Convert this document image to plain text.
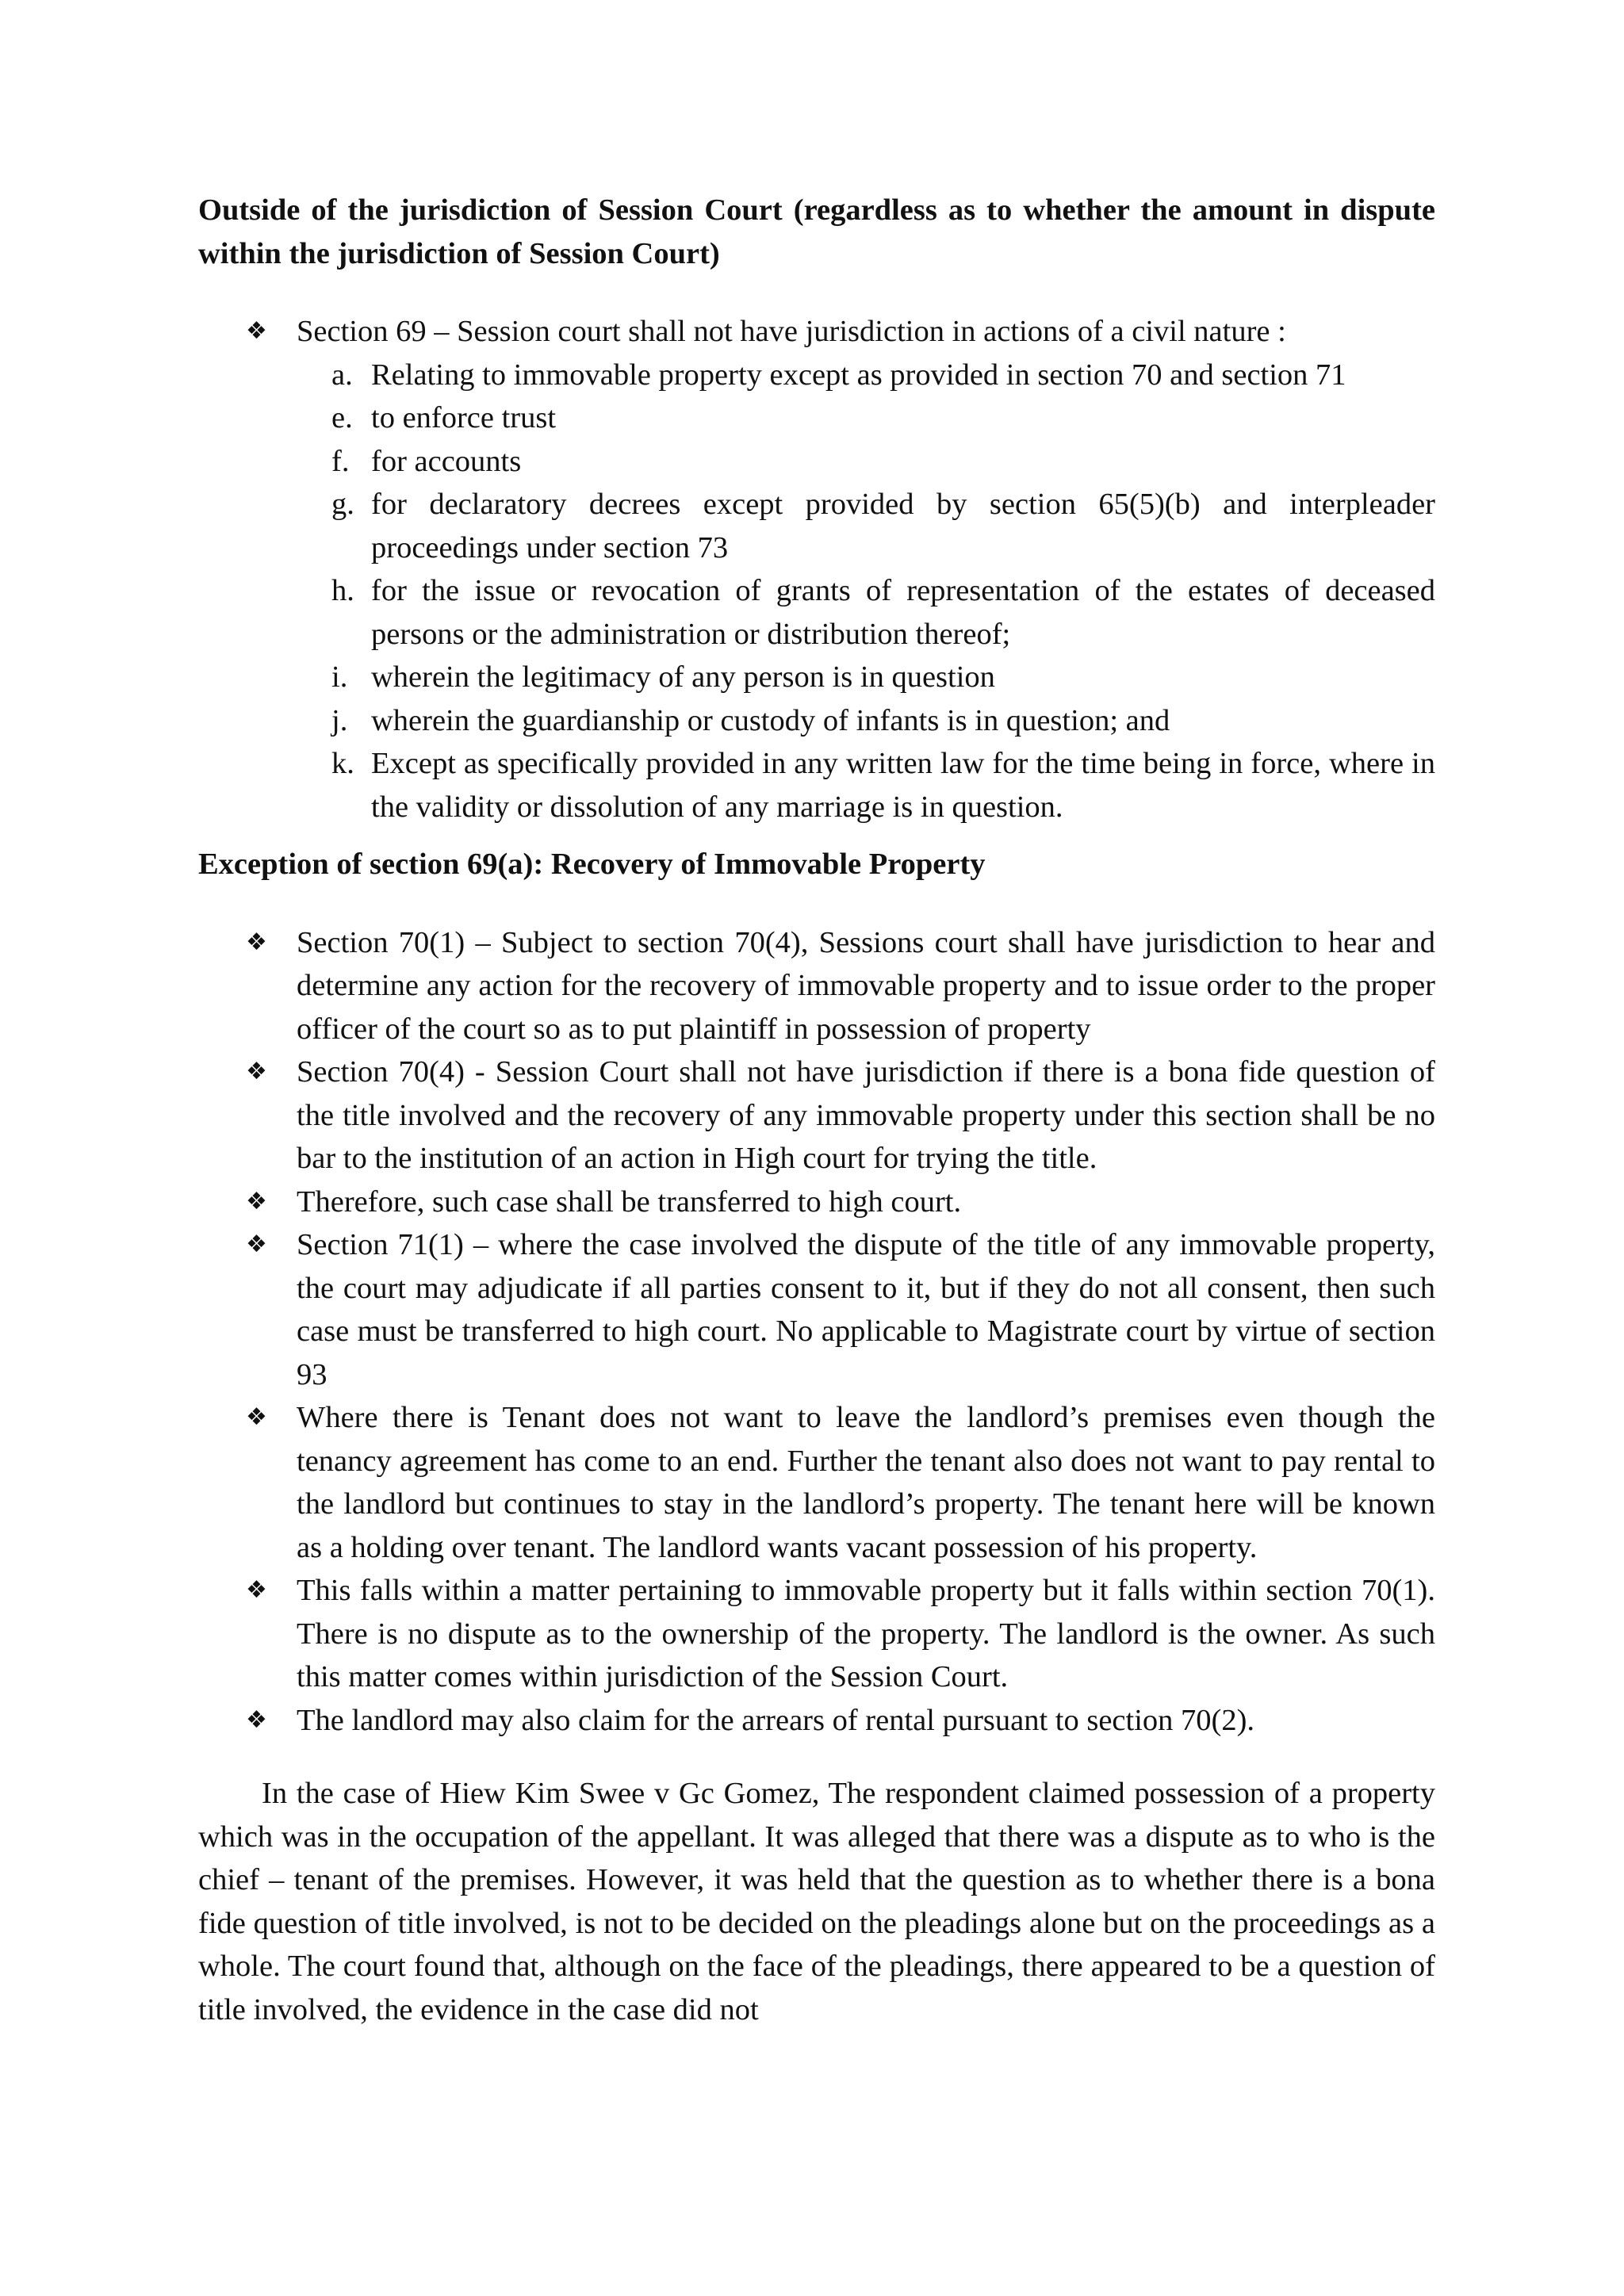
Outside of the jurisdiction of Session Court (regardless as to whether the amount in dispute within the jurisdiction of Session Court)

❖ Section 69 – Session court shall not have jurisdiction in actions of a civil nature :
a. Relating to immovable property except as provided in section 70 and section 71
e. to enforce trust
f. for accounts
g. for declaratory decrees except provided by section 65(5)(b) and interpleader proceedings under section 73
h. for the issue or revocation of grants of representation of the estates of deceased persons or the administration or distribution thereof;
i. wherein the legitimacy of any person is in question
j. wherein the guardianship or custody of infants is in question; and
k. Except as specifically provided in any written law for the time being in force, where in the validity or dissolution of any marriage is in question.

Exception of section 69(a): Recovery of Immovable Property

❖ Section 70(1) – Subject to section 70(4), Sessions court shall have jurisdiction to hear and determine any action for the recovery of immovable property and to issue order to the proper officer of the court so as to put plaintiff in possession of property
❖ Section 70(4) - Session Court shall not have jurisdiction if there is a bona fide question of the title involved and the recovery of any immovable property under this section shall be no bar to the institution of an action in High court for trying the title.
❖ Therefore, such case shall be transferred to high court.
❖ Section 71(1) – where the case involved the dispute of the title of any immovable property, the court may adjudicate if all parties consent to it, but if they do not all consent, then such case must be transferred to high court. No applicable to Magistrate court by virtue of section 93
❖ Where there is Tenant does not want to leave the landlord’s premises even though the tenancy agreement has come to an end. Further the tenant also does not want to pay rental to the landlord but continues to stay in the landlord’s property. The tenant here will be known as a holding over tenant. The landlord wants vacant possession of his property.
❖ This falls within a matter pertaining to immovable property but it falls within section 70(1). There is no dispute as to the ownership of the property. The landlord is the owner. As such this matter comes within jurisdiction of the Session Court.
❖ The landlord may also claim for the arrears of rental pursuant to section 70(2).

In the case of Hiew Kim Swee v Gc Gomez, The respondent claimed possession of a property which was in the occupation of the appellant. It was alleged that there was a dispute as to who is the chief – tenant of the premises. However, it was held that the question as to whether there is a bona fide question of title involved, is not to be decided on the pleadings alone but on the proceedings as a whole. The court found that, although on the face of the pleadings, there appeared to be a question of title involved, the evidence in the case did not
